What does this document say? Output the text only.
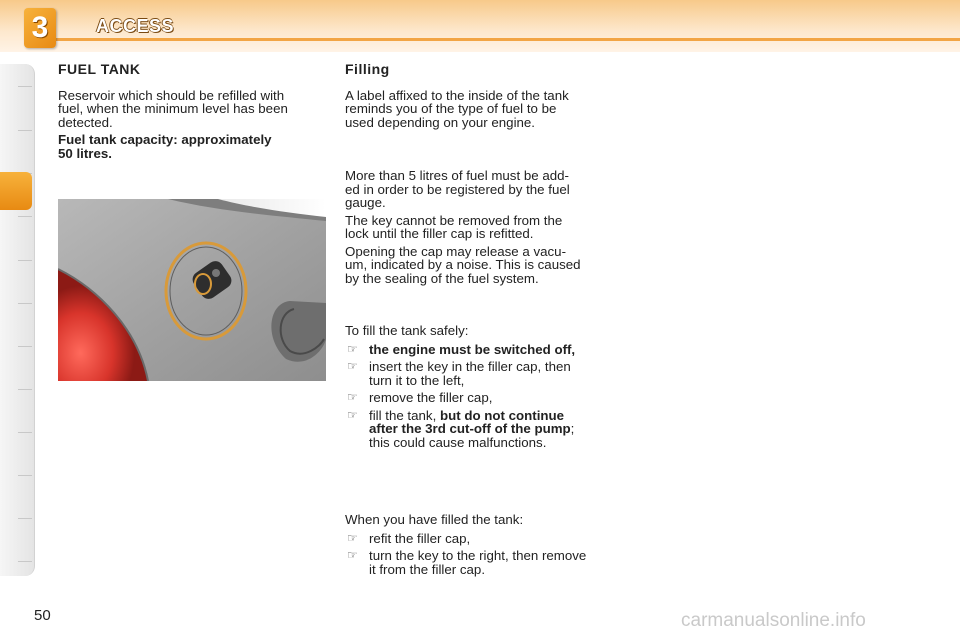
3	ACCESS
FUEL TANK

Reservoir which should be refilled with
fuel, when the minimum level has been
detected.

Fuel tank capacity: approximately
50 litres.

Filling

A label affixed to the inside of the tank
reminds you of the type of fuel to be
used depending on your engine.

More than 5 litres of fuel must be add-
ed in order to be registered by the fuel
gauge.

The key cannot be removed from the
lock until the filler cap is refitted.

Opening the cap may release a vacu-
um, indicated by a noise. This is caused
by the sealing of the fuel system.

To fill the tank safely:
☞ the engine must be switched off,
☞ insert the key in the filler cap, then
turn it to the left,
☞ remove the filler cap,
☞ fill the tank, but do not continue
after the 3rd cut-off of the pump;
this could cause malfunctions.
When you have filled the tank:
☞ refit the filler cap,
☞ turn the key to the right, then remove
it from the filler cap.
50	carmanualsonline.info
